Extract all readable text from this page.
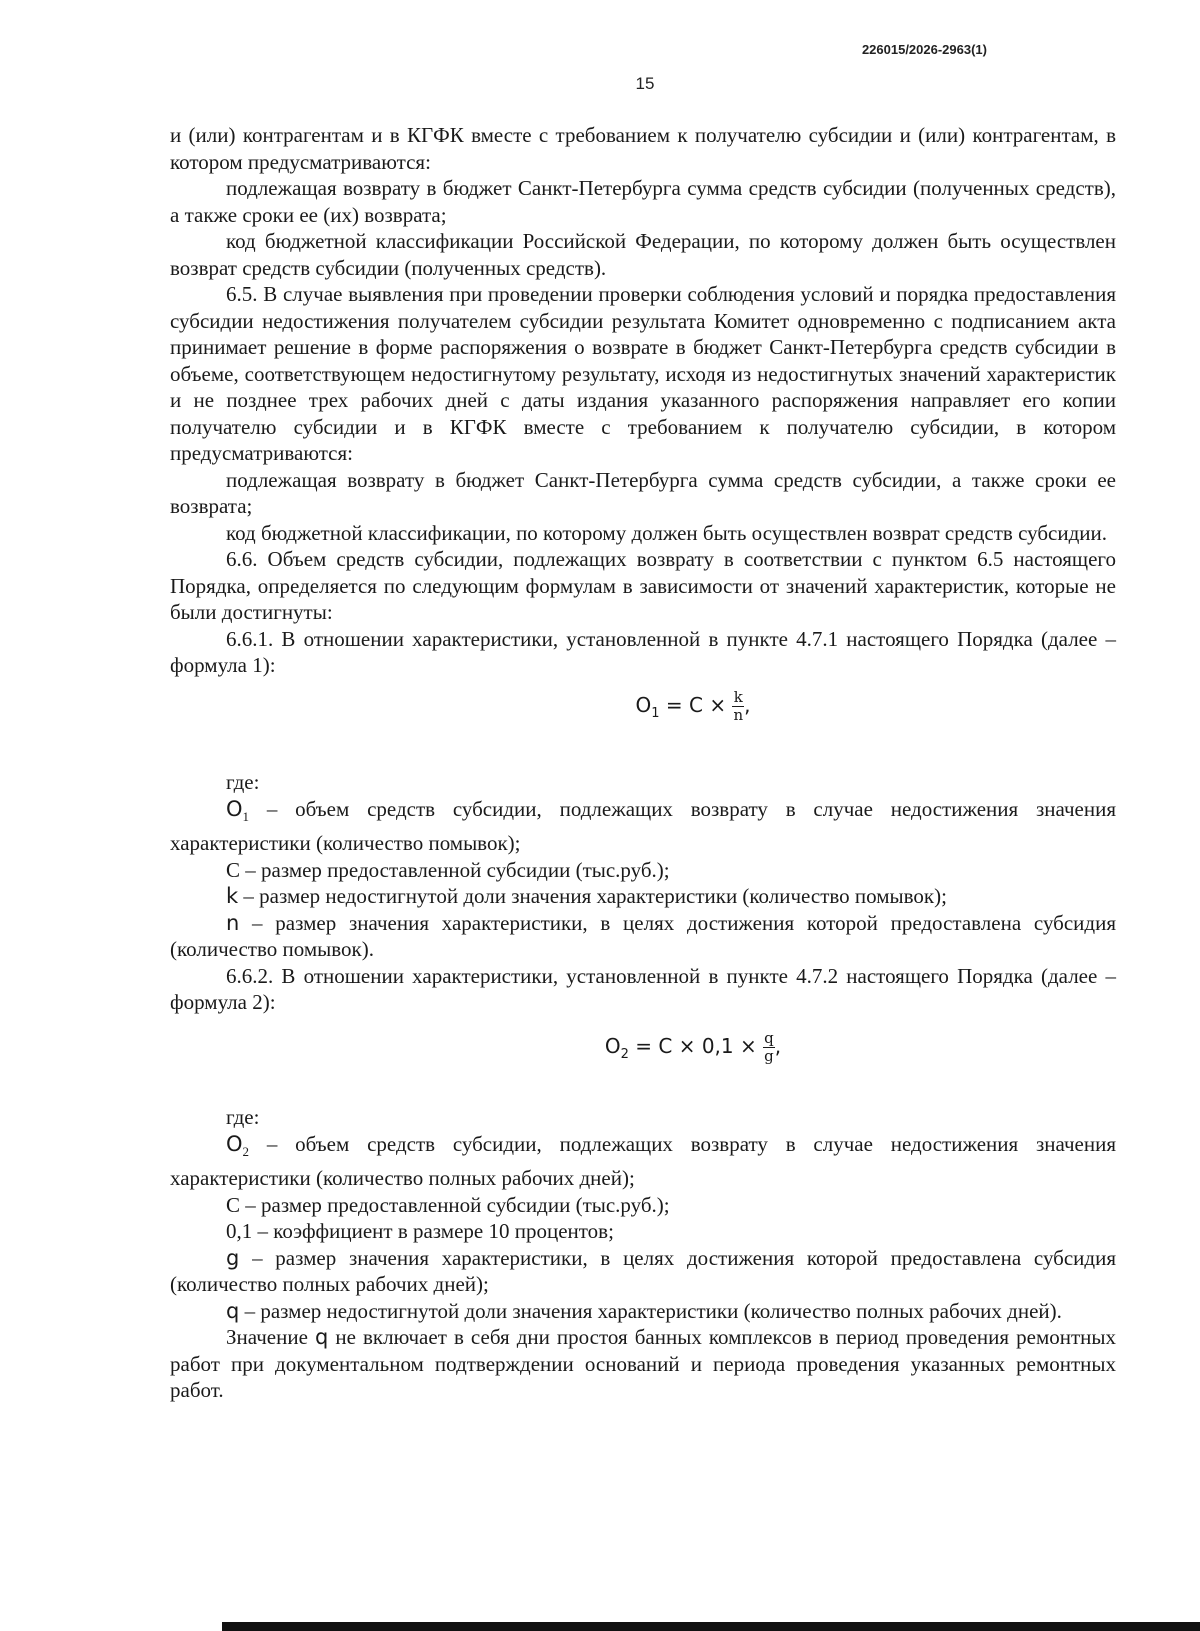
226015/2026-2963(1)
15

и (или) контрагентам и в КГФК вместе с требованием к получателю субсидии и (или) контрагентам, в котором предусматриваются:

подлежащая возврату в бюджет Санкт-Петербурга сумма средств субсидии (полученных средств), а также сроки ее (их) возврата;

код бюджетной классификации Российской Федерации, по которому должен быть осуществлен возврат средств субсидии (полученных средств).

6.5. В случае выявления при проведении проверки соблюдения условий и порядка предоставления субсидии недостижения получателем субсидии результата Комитет одновременно с подписанием акта принимает решение в форме распоряжения о возврате в бюджет Санкт-Петербурга средств субсидии в объеме, соответствующем недостигнутому результату, исходя из недостигнутых значений характеристик и не позднее трех рабочих дней с даты издания указанного распоряжения направляет его копии получателю субсидии и в КГФК вместе с требованием к получателю субсидии, в котором предусматриваются:

подлежащая возврату в бюджет Санкт-Петербурга сумма средств субсидии, а также сроки ее возврата;

код бюджетной классификации, по которому должен быть осуществлен возврат средств субсидии.

6.6. Объем средств субсидии, подлежащих возврату в соответствии с пунктом 6.5 настоящего Порядка, определяется по следующим формулам в зависимости от значений характеристик, которые не были достигнуты:

6.6.1. В отношении характеристики, установленной в пункте 4.7.1 настоящего Порядка (далее – формула 1):

$O_1 = C \times \frac{k}{n}$ ,

где:

$O_1$ – объем средств субсидии, подлежащих возврату в случае недостижения значения характеристики (количество помывок);

С – размер предоставленной субсидии (тыс.руб.);

k – размер недостигнутой доли значения характеристики (количество помывок);

n – размер значения характеристики, в целях достижения которой предоставлена субсидия (количество помывок).

6.6.2. В отношении характеристики, установленной в пункте 4.7.2 настоящего Порядка (далее – формула 2):

$O_2 = C \times 0,1 \times \frac{q}{g}$ ,

где:

$O_2$ – объем средств субсидии, подлежащих возврату в случае недостижения значения характеристики (количество полных рабочих дней);

С – размер предоставленной субсидии (тыс.руб.);

0,1 – коэффициент в размере 10 процентов;

g – размер значения характеристики, в целях достижения которой предоставлена субсидия (количество полных рабочих дней);

q – размер недостигнутой доли значения характеристики (количество полных рабочих дней).

Значение q не включает в себя дни простоя банных комплексов в период проведения ремонтных работ при документальном подтверждении оснований и периода проведения указанных ремонтных работ.
